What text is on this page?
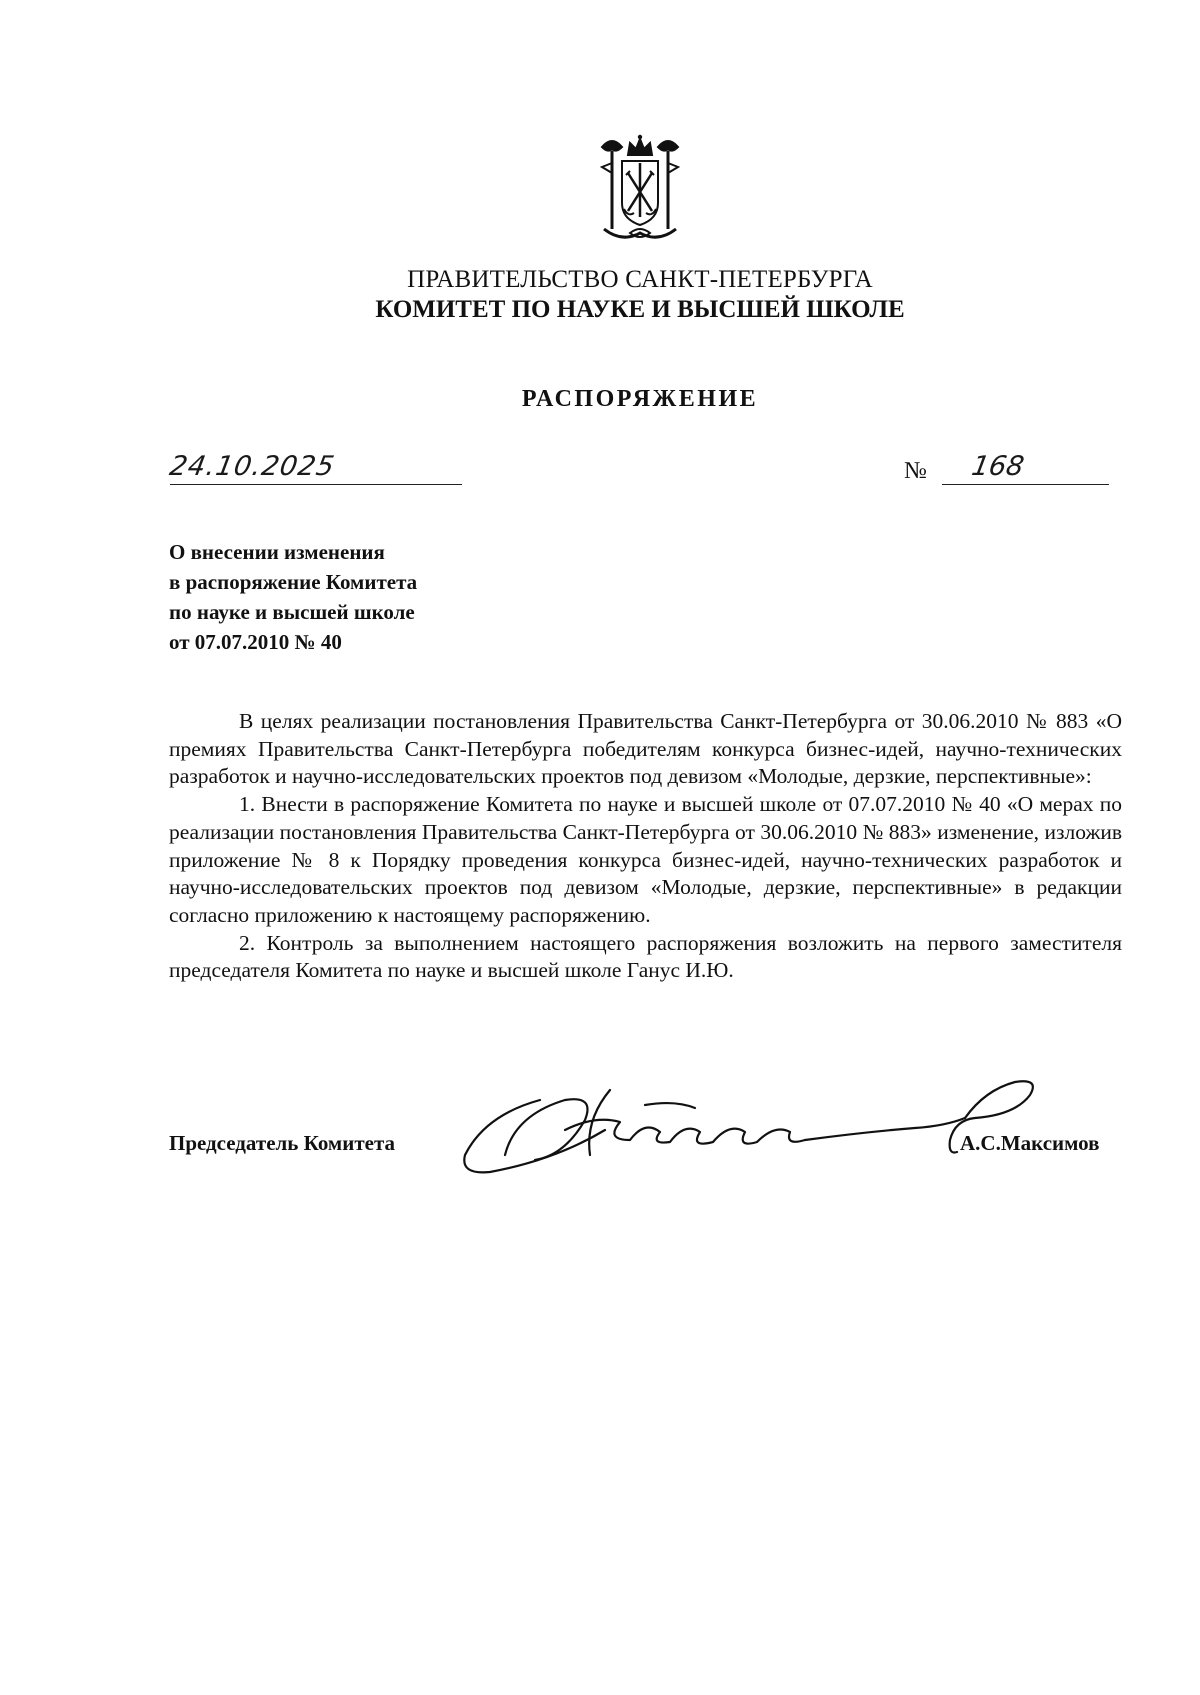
ПРАВИТЕЛЬСТВО САНКТ-ПЕТЕРБУРГА
КОМИТЕТ ПО НАУКЕ И ВЫСШЕЙ ШКОЛЕ
РАСПОРЯЖЕНИЕ
24.10.2025	№ 168
О внесении изменения
в распоряжение Комитета
по науке и высшей школе
от 07.07.2010 № 40

В целях реализации постановления Правительства Санкт-Петербурга от 30.06.2010 № 883 «О премиях Правительства Санкт-Петербурга победителям конкурса бизнес-идей, научно-технических разработок и научно-исследовательских проектов под девизом «Молодые, дерзкие, перспективные»:

1. Внести в распоряжение Комитета по науке и высшей школе от 07.07.2010 № 40 «О мерах по реализации постановления Правительства Санкт-Петербурга от 30.06.2010 № 883» изменение, изложив приложение № 8 к Порядку проведения конкурса бизнес-идей, научно-технических разработок и научно-исследовательских проектов под девизом «Молодые, дерзкие, перспективные» в редакции согласно приложению к настоящему распоряжению.

2. Контроль за выполнением настоящего распоряжения возложить на первого заместителя председателя Комитета по науке и высшей школе Ганус И.Ю.

Председатель Комитета	А.С.Максимов
